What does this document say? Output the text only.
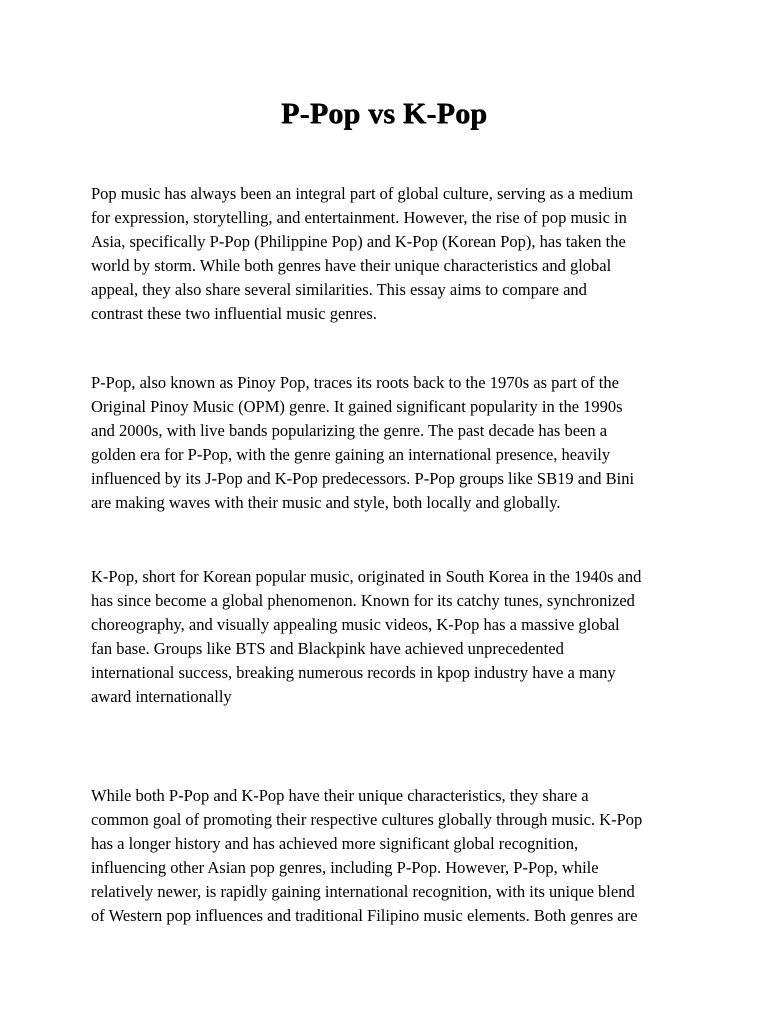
P-Pop vs K-Pop

Pop music has always been an integral part of global culture, serving as a medium
for expression, storytelling, and entertainment. However, the rise of pop music in
Asia, specifically P-Pop (Philippine Pop) and K-Pop (Korean Pop), has taken the
world by storm. While both genres have their unique characteristics and global
appeal, they also share several similarities. This essay aims to compare and
contrast these two influential music genres.

P-Pop, also known as Pinoy Pop, traces its roots back to the 1970s as part of the
Original Pinoy Music (OPM) genre. It gained significant popularity in the 1990s
and 2000s, with live bands popularizing the genre. The past decade has been a
golden era for P-Pop, with the genre gaining an international presence, heavily
influenced by its J-Pop and K-Pop predecessors. P-Pop groups like SB19 and Bini
are making waves with their music and style, both locally and globally.

K-Pop, short for Korean popular music, originated in South Korea in the 1940s and
has since become a global phenomenon. Known for its catchy tunes, synchronized
choreography, and visually appealing music videos, K-Pop has a massive global
fan base. Groups like BTS and Blackpink have achieved unprecedented
international success, breaking numerous records in kpop industry have a many
award internationally

While both P-Pop and K-Pop have their unique characteristics, they share a
common goal of promoting their respective cultures globally through music. K-Pop
has a longer history and has achieved more significant global recognition,
influencing other Asian pop genres, including P-Pop. However, P-Pop, while
relatively newer, is rapidly gaining international recognition, with its unique blend
of Western pop influences and traditional Filipino music elements. Both genres are
